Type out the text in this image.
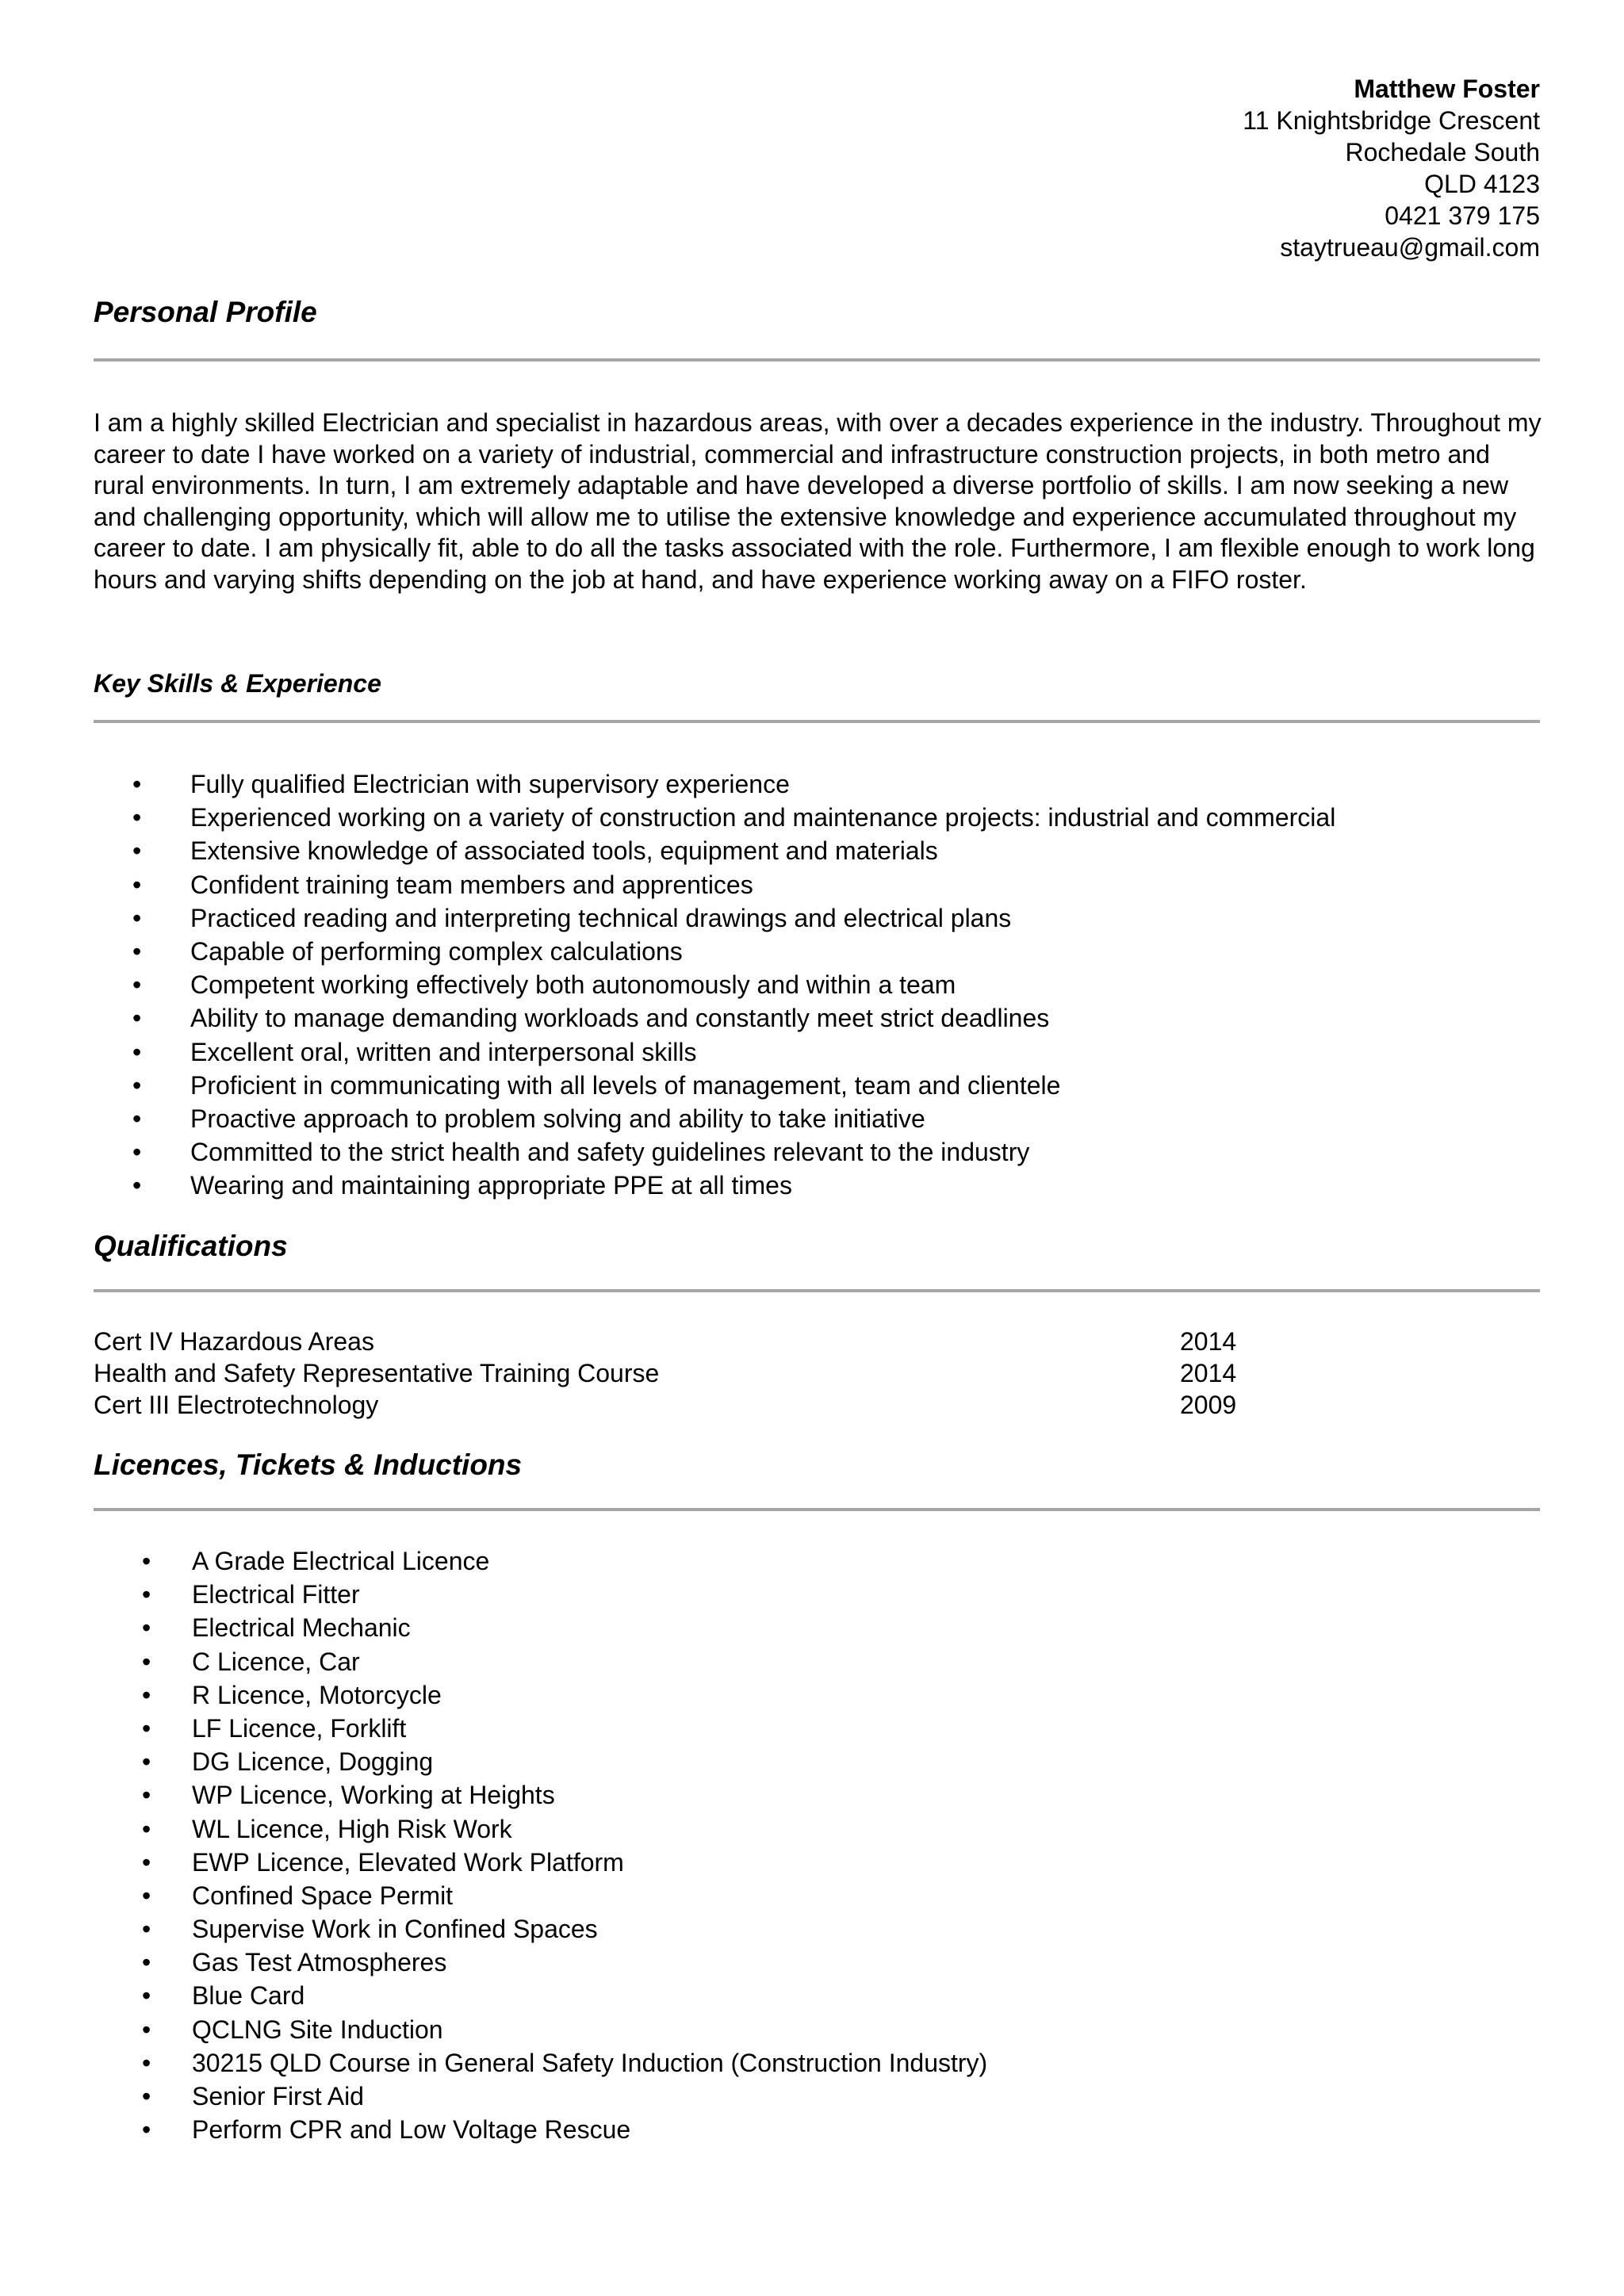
Matthew Foster
11 Knightsbridge Crescent
Rochedale South
QLD 4123
0421 379 175
staytrueau@gmail.com
Personal Profile

I am a highly skilled Electrician and specialist in hazardous areas, with over a decades experience in the industry. Throughout my career to date I have worked on a variety of industrial, commercial and infrastructure construction projects, in both metro and rural environments. In turn, I am extremely adaptable and have developed a diverse portfolio of skills. I am now seeking a new and challenging opportunity, which will allow me to utilise the extensive knowledge and experience accumulated throughout my career to date. I am physically fit, able to do all the tasks associated with the role. Furthermore, I am flexible enough to work long hours and varying shifts depending on the job at hand, and have experience working away on a FIFO roster.

Key Skills & Experience
• Fully qualified Electrician with supervisory experience
• Experienced working on a variety of construction and maintenance projects: industrial and commercial
• Extensive knowledge of associated tools, equipment and materials
• Confident training team members and apprentices
• Practiced reading and interpreting technical drawings and electrical plans
• Capable of performing complex calculations
• Competent working effectively both autonomously and within a team
• Ability to manage demanding workloads and constantly meet strict deadlines
• Excellent oral, written and interpersonal skills
• Proficient in communicating with all levels of management, team and clientele
• Proactive approach to problem solving and ability to take initiative
• Committed to the strict health and safety guidelines relevant to the industry
• Wearing and maintaining appropriate PPE at all times
Qualifications
Cert IV Hazardous Areas	2014
Health and Safety Representative Training Course	2014
Cert III Electrotechnology	2009
Licences, Tickets & Inductions
• A Grade Electrical Licence
• Electrical Fitter
• Electrical Mechanic
• C Licence, Car
• R Licence, Motorcycle
• LF Licence, Forklift
• DG Licence, Dogging
• WP Licence, Working at Heights
• WL Licence, High Risk Work
• EWP Licence, Elevated Work Platform
• Confined Space Permit
• Supervise Work in Confined Spaces
• Gas Test Atmospheres
• Blue Card
• QCLNG Site Induction
• 30215 QLD Course in General Safety Induction (Construction Industry)
• Senior First Aid
• Perform CPR and Low Voltage Rescue
